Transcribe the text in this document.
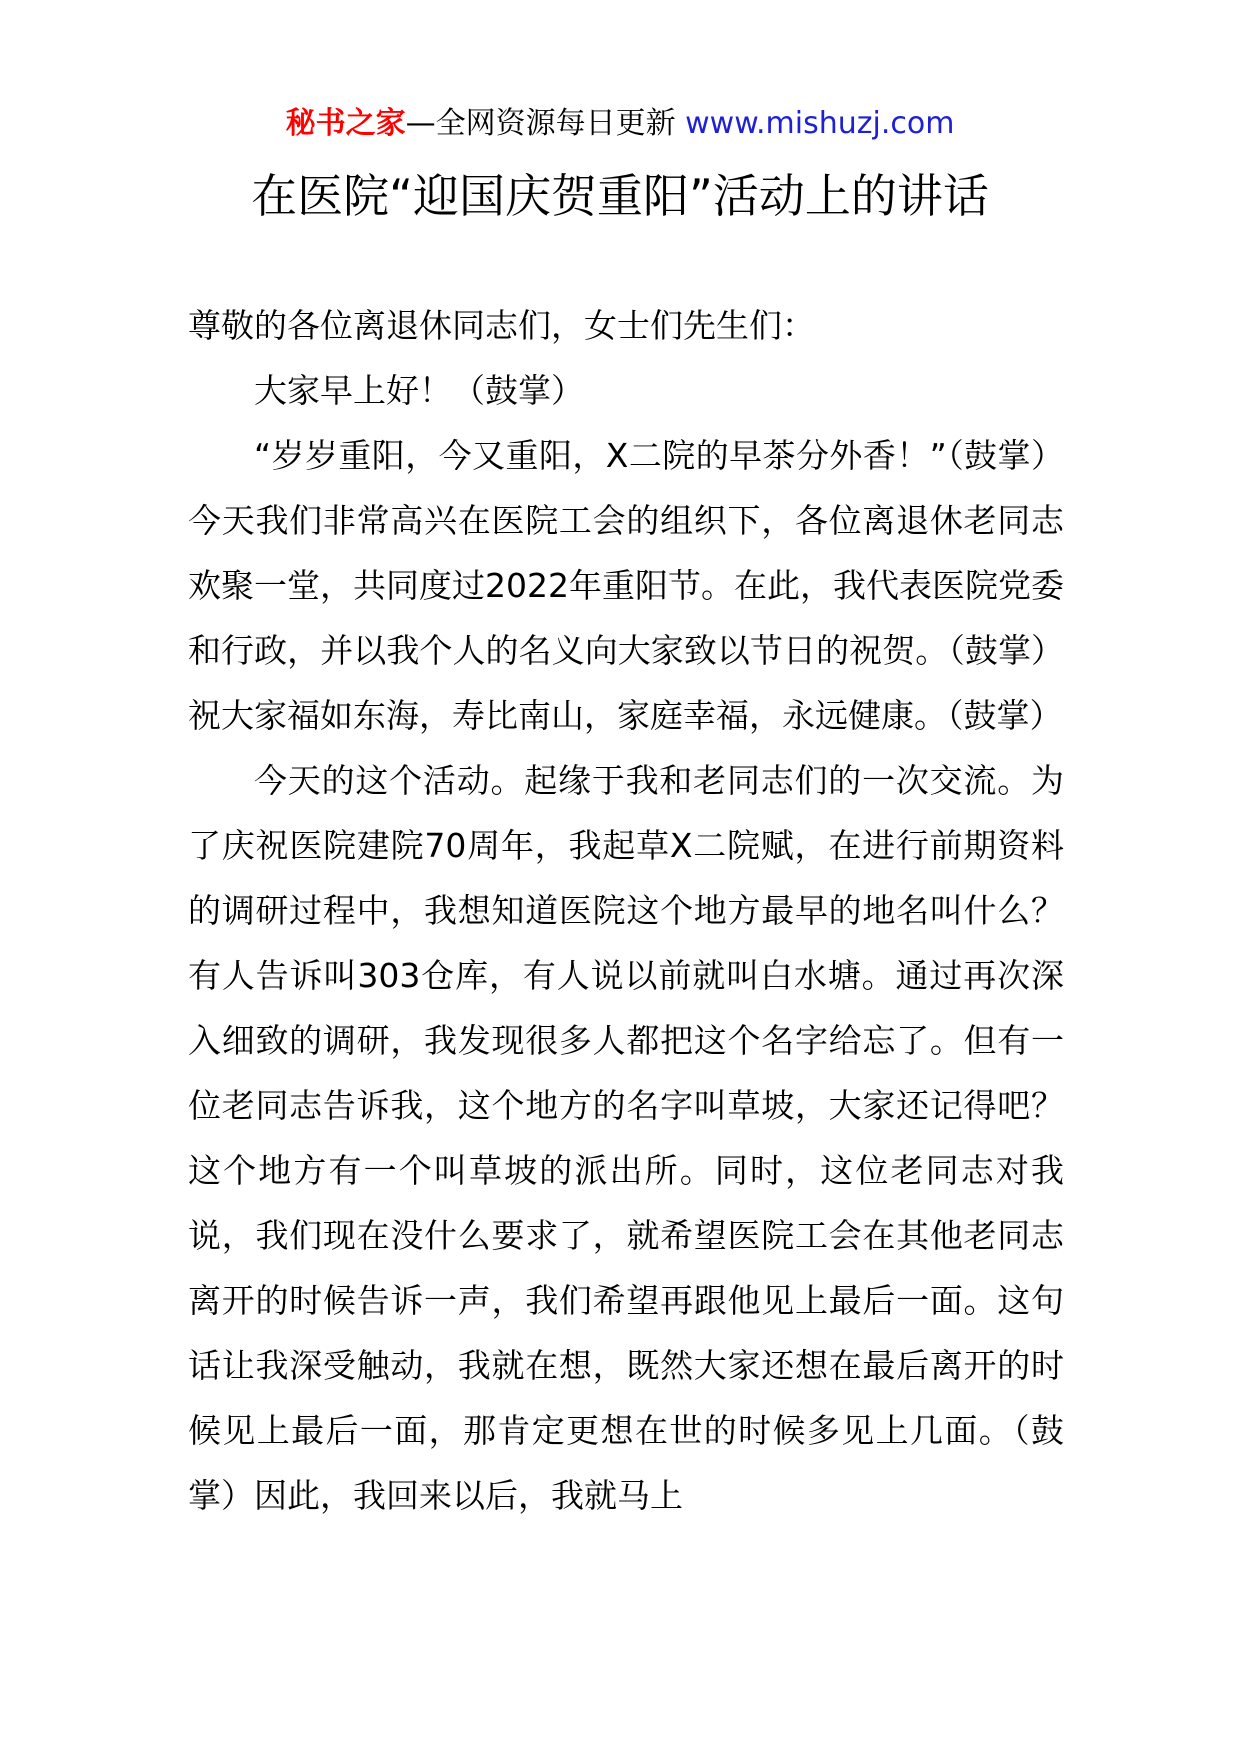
秘书之家—全网资源每日更新 www.mishuzj.com
在医院“迎国庆贺重阳”活动上的讲话

尊敬的各位离退休同志们，女士们先生们：

大家早上好！（鼓掌）

“岁岁重阳，今又重阳，X二院的早茶分外香！”（鼓掌）今天我们非常高兴在医院工会的组织下，各位离退休老同志欢聚一堂，共同度过2022年重阳节。在此，我代表医院党委和行政，并以我个人的名义向大家致以节日的祝贺。（鼓掌）祝大家福如东海，寿比南山，家庭幸福，永远健康。（鼓掌）

今天的这个活动。起缘于我和老同志们的一次交流。为了庆祝医院建院70周年，我起草X二院赋，在进行前期资料的调研过程中，我想知道医院这个地方最早的地名叫什么？有人告诉叫303仓库，有人说以前就叫白水塘。通过再次深入细致的调研，我发现很多人都把这个名字给忘了。但有一位老同志告诉我，这个地方的名字叫草坡，大家还记得吧？这个地方有一个叫草坡的派出所。同时，这位老同志对我说，我们现在没什么要求了，就希望医院工会在其他老同志离开的时候告诉一声，我们希望再跟他见上最后一面。这句话让我深受触动，我就在想，既然大家还想在最后离开的时候见上最后一面，那肯定更想在世的时候多见上几面。（鼓掌）因此，我回来以后，我就马上
